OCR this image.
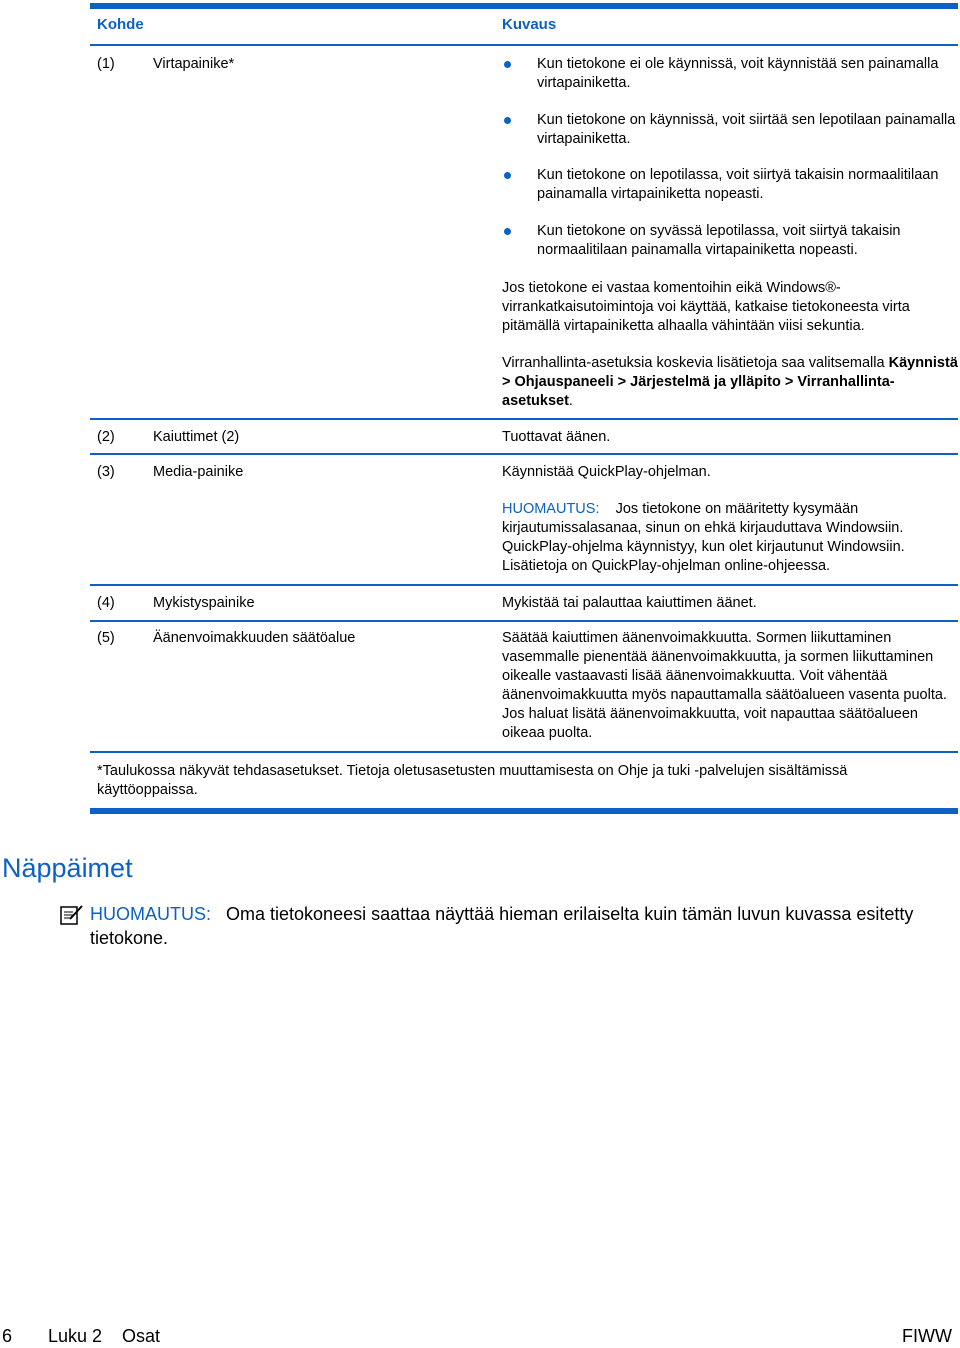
Kohde	Kuvaus
(1)	Virtapainike*	Kun tietokone ei ole käynnissä, voit käynnistää sen painamalla virtapainiketta.
Kun tietokone on käynnissä, voit siirtää sen lepotilaan painamalla virtapainiketta.
Kun tietokone on lepotilassa, voit siirtyä takaisin normaalitilaan painamalla virtapainiketta nopeasti.
Kun tietokone on syvässä lepotilassa, voit siirtyä takaisin normaalitilaan painamalla virtapainiketta nopeasti.
Jos tietokone ei vastaa komentoihin eikä Windows®-virrankatkaisutoimintoja voi käyttää, katkaise tietokoneesta virta pitämällä virtapainiketta alhaalla vähintään viisi sekuntia.
Virranhallinta-asetuksia koskevia lisätietoja saa valitsemalla Käynnistä > Ohjauspaneeli > Järjestelmä ja ylläpito > Virranhallinta-asetukset.
(2)	Kaiuttimet (2)	Tuottavat äänen.
(3)	Media-painike	Käynnistää QuickPlay-ohjelman.
HUOMAUTUS: Jos tietokone on määritetty kysymään kirjautumissalasanaa, sinun on ehkä kirjauduttava Windowsiin. QuickPlay-ohjelma käynnistyy, kun olet kirjautunut Windowsiin. Lisätietoja on QuickPlay-ohjelman online-ohjeessa.
(4)	Mykistyspainike	Mykistää tai palauttaa kaiuttimen äänet.
(5)	Äänenvoimakkuuden säätöalue	Säätää kaiuttimen äänenvoimakkuutta. Sormen liikuttaminen vasemmalle pienentää äänenvoimakkuutta, ja sormen liikuttaminen oikealle vastaavasti lisää äänenvoimakkuutta. Voit vähentää äänenvoimakkuutta myös napauttamalla säätöalueen vasenta puolta. Jos haluat lisätä äänenvoimakkuutta, voit napauttaa säätöalueen oikeaa puolta.
*Taulukossa näkyvät tehdasasetukset. Tietoja oletusasetusten muuttamisesta on Ohje ja tuki -palvelujen sisältämissä käyttöoppaissa.
Näppäimet
HUOMAUTUS: Oma tietokoneesi saattaa näyttää hieman erilaiselta kuin tämän luvun kuvassa esitetty tietokone.
6 Luku 2 Osat	FIWW
